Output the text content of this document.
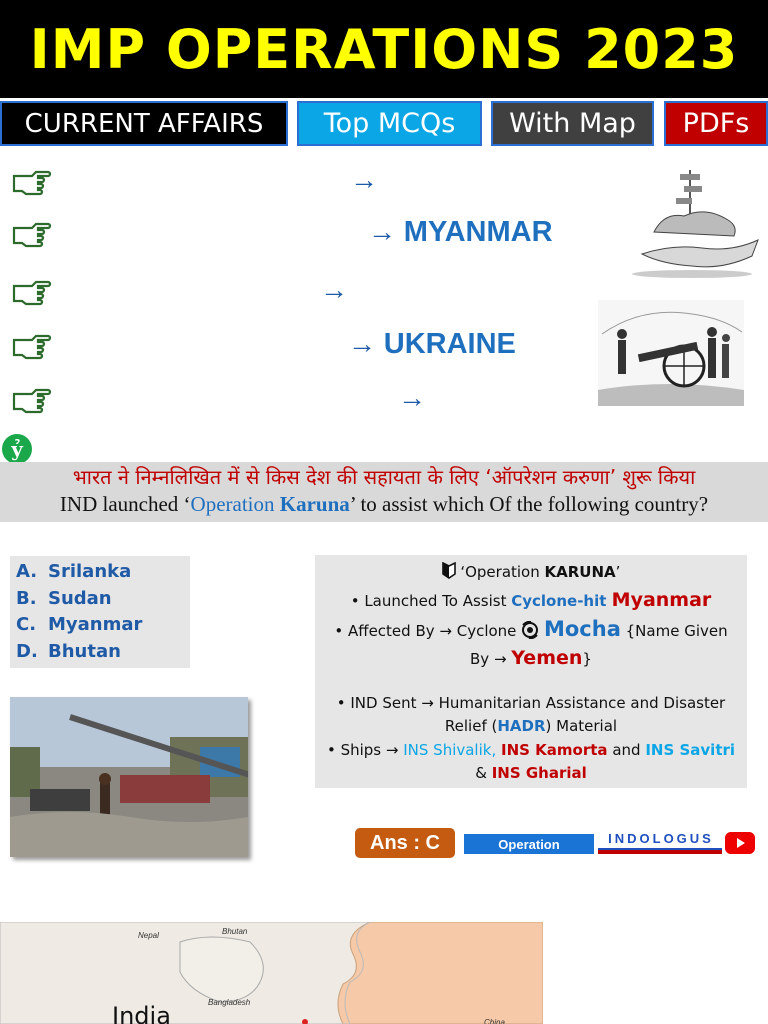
IMP OPERATIONS 2023
CURRENT AFFAIRS	Top MCQs	With Map	PDFs
→
→ MYANMAR
→
→ UKRAINE
→
ỷ
भारत ने निम्नलिखित में से किस देश की सहायता के लिए ‘ऑपरेशन करुणा’ शुरू किया
IND launched ‘Operation Karuna’ to assist which Of the following country?
A. Srilanka
B. Sudan
C. Myanmar
D. Bhutan
‘Operation KARUNA’
• Launched To Assist Cyclone-hit Myanmar
• Affected By → Cyclone  Mocha {Name Given
By → Yemen}
• IND Sent → Humanitarian Assistance and Disaster
Relief (HADR) Material
• Ships → INS Shivalik, INS Kamorta and INS Savitri
& INS Gharial
Ans : C	Operation	INDOLOGUS
Nepal	Bhutan
Bangladesh
China
India
